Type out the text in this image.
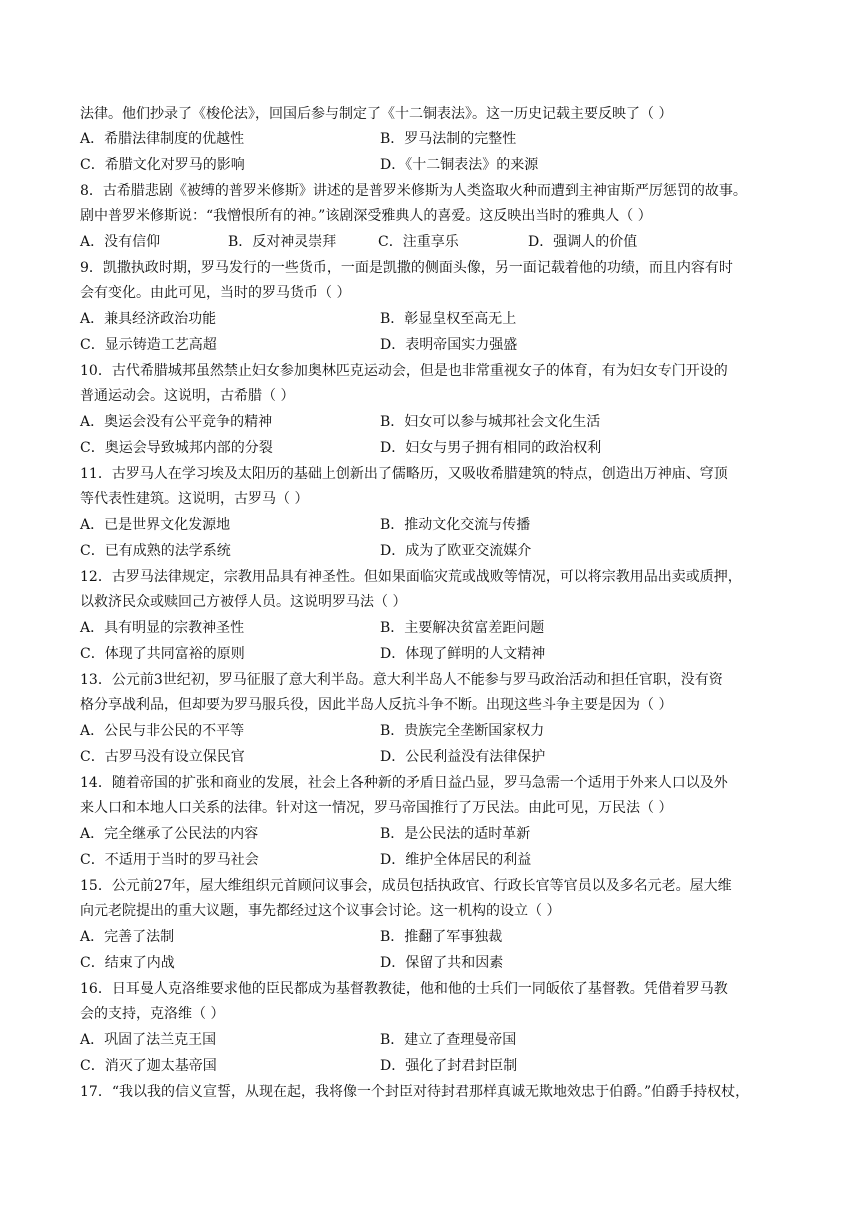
法律。他们抄录了《梭伦法》，回国后参与制定了《十二铜表法》。这一历史记载主要反映了（ ）
A．希腊法律制度的优越性	B．罗马法制的完整性
C．希腊文化对罗马的影响	D．《十二铜表法》的来源
8．古希腊悲剧《被缚的普罗米修斯》讲述的是普罗米修斯为人类盗取火种而遭到主神宙斯严厉惩罚的故事。
剧中普罗米修斯说：“我憎恨所有的神。”该剧深受雅典人的喜爱。这反映出当时的雅典人（ ）
A．没有信仰	B．反对神灵崇拜	C．注重享乐	D．强调人的价值
9．凯撒执政时期，罗马发行的一些货币，一面是凯撒的侧面头像，另一面记载着他的功绩，而且内容有时
会有变化。由此可见，当时的罗马货币（ ）
A．兼具经济政治功能	B．彰显皇权至高无上
C．显示铸造工艺高超	D．表明帝国实力强盛
10．古代希腊城邦虽然禁止妇女参加奥林匹克运动会，但是也非常重视女子的体育，有为妇女专门开设的
普通运动会。这说明，古希腊（ ）
A．奥运会没有公平竞争的精神	B．妇女可以参与城邦社会文化生活
C．奥运会导致城邦内部的分裂	D．妇女与男子拥有相同的政治权利
11．古罗马人在学习埃及太阳历的基础上创新出了儒略历，又吸收希腊建筑的特点，创造出万神庙、穹顶
等代表性建筑。这说明，古罗马（ ）
A．已是世界文化发源地	B．推动文化交流与传播
C．已有成熟的法学系统	D．成为了欧亚交流媒介
12．古罗马法律规定，宗教用品具有神圣性。但如果面临灾荒或战败等情况，可以将宗教用品出卖或质押，
以救济民众或赎回己方被俘人员。这说明罗马法（ ）
A．具有明显的宗教神圣性	B．主要解决贫富差距问题
C．体现了共同富裕的原则	D．体现了鲜明的人文精神
13．公元前3世纪初，罗马征服了意大利半岛。意大利半岛人不能参与罗马政治活动和担任官职，没有资
格分享战利品，但却要为罗马服兵役，因此半岛人反抗斗争不断。出现这些斗争主要是因为（ ）
A．公民与非公民的不平等	B．贵族完全垄断国家权力
C．古罗马没有设立保民官	D．公民利益没有法律保护
14．随着帝国的扩张和商业的发展，社会上各种新的矛盾日益凸显，罗马急需一个适用于外来人口以及外
来人口和本地人口关系的法律。针对这一情况，罗马帝国推行了万民法。由此可见，万民法（ ）
A．完全继承了公民法的内容	B．是公民法的适时革新
C．不适用于当时的罗马社会	D．维护全体居民的利益
15．公元前27年，屋大维组织元首顾问议事会，成员包括执政官、行政长官等官员以及多名元老。屋大维
向元老院提出的重大议题，事先都经过这个议事会讨论。这一机构的设立（ ）
A．完善了法制	B．推翻了军事独裁
C．结束了内战	D．保留了共和因素
16．日耳曼人克洛维要求他的臣民都成为基督教教徒，他和他的士兵们一同皈依了基督教。凭借着罗马教
会的支持，克洛维（ ）
A．巩固了法兰克王国	B．建立了查理曼帝国
C．消灭了迦太基帝国	D．强化了封君封臣制
17．“我以我的信义宣誓，从现在起，我将像一个封臣对待封君那样真诚无欺地效忠于伯爵。”伯爵手持权杖，
